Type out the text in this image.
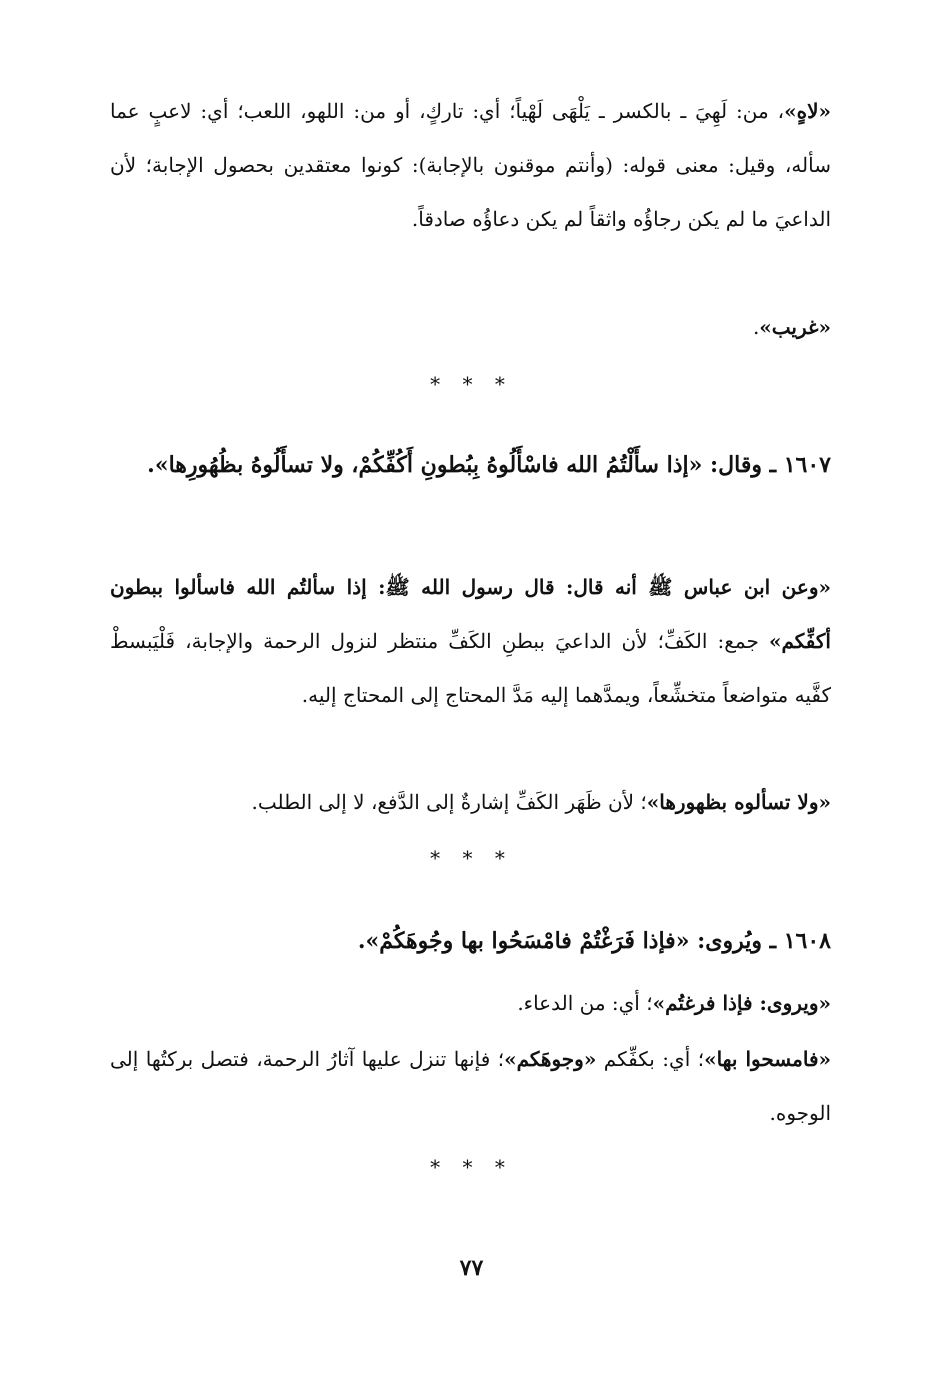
«لاهٍ»، من: لَهِيَ ـ بالكسر ـ يَلْهَى لَهْياً؛ أي: تاركٍ، أو من: اللهو، اللعب؛ أي: لاعبٍ عما سأله، وقيل: معنى قوله: (وأنتم موقنون بالإجابة): كونوا معتقدين بحصول الإجابة؛ لأن الداعيَ ما لم يكن رجاؤُه واثقاً لم يكن دعاؤُه صادقاً.
«غريب».
* * *
١٦٠٧ ـ وقال: «إذا سأَلْتُمُ الله فاسْأَلُوهُ بِبُطونِ أَكُفِّكُمْ، ولا تسأَلُوهُ بظُهُورِها».
«وعن ابن عباس ﷺ أنه قال: قال رسول الله ﷺ: إذا سألتُم الله فاسألوا ببطون أكفِّكم» جمع: الكَفِّ؛ لأن الداعيَ ببطنِ الكَفِّ منتظر لنزول الرحمة والإجابة، فَلْيَبسطْ كفَّيه متواضعاً متخشِّعاً، ويمدَّهما إليه مَدَّ المحتاج إلى المحتاج إليه.
«ولا تسألوه بظهورها»؛ لأن ظَهَر الكَفِّ إشارةٌ إلى الدَّفع، لا إلى الطلب.
* * *
١٦٠٨ ـ ويُروى: «فإذا فَرَغْتُمْ فامْسَحُوا بها وجُوهَكُمْ».
«ويروى: فإذا فرغتُم»؛ أي: من الدعاء.
«فامسحوا بها»؛ أي: بكفِّكم «وجوهَكم»؛ فإنها تنزل عليها آثارُ الرحمة، فتصل بركتُها إلى الوجوه.
* * *
٧٧
